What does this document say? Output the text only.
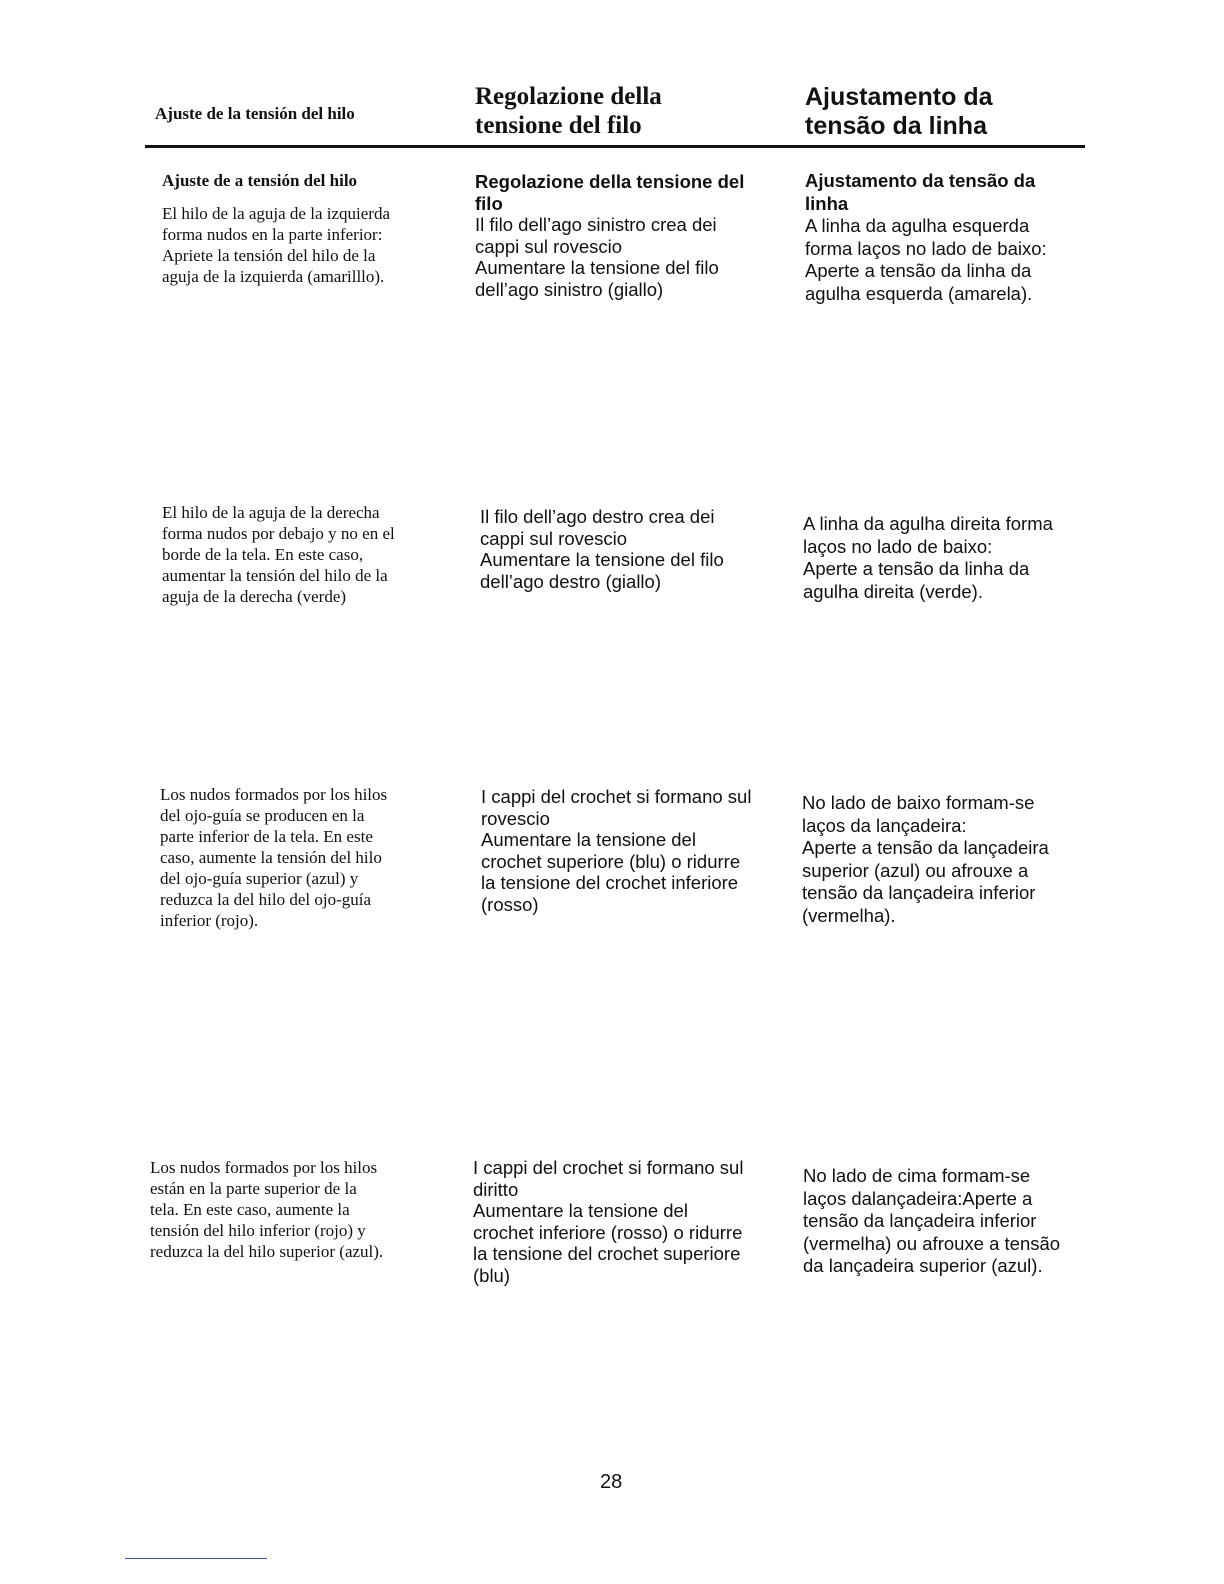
Ajuste de la tensión del hilo
Regolazione della
tensione del filo
Ajustamento da
tensão da linha
Ajuste de a tensión del hilo
El hilo de la aguja de la izquierda
forma nudos en la parte inferior:
Apriete la tensión del hilo de la
aguja de la izquierda (amarilllo).
Regolazione della tensione del
filo
Il filo dell’ago sinistro crea dei
cappi sul rovescio
Aumentare la tensione del filo
dell’ago sinistro (giallo)
Ajustamento da tensão da
linha
A linha da agulha esquerda
forma laços no lado de baixo:
Aperte a tensão da linha da
agulha esquerda (amarela).
El hilo de la aguja de la derecha
forma nudos por debajo y no en el
borde de la tela. En este caso,
aumentar la tensión del hilo de la
aguja de la derecha (verde)
Il filo dell’ago destro crea dei
cappi sul rovescio
Aumentare la tensione del filo
dell’ago destro (giallo)
A linha da agulha direita forma
laços no lado de baixo:
Aperte a tensão da linha da
agulha direita (verde).
Los nudos formados por los hilos
del ojo-guía se producen en la
parte inferior de la tela. En este
caso, aumente la tensión del hilo
del ojo-guía superior (azul) y
reduzca la del hilo del ojo-guía
inferior (rojo).
I cappi del crochet si formano sul
rovescio
Aumentare la tensione del
crochet superiore (blu) o ridurre
la tensione del crochet inferiore
(rosso)
No lado de baixo formam-se
laços da lançadeira:
Aperte a tensão da lançadeira
superior (azul) ou afrouxe a
tensão da lançadeira inferior
(vermelha).
Los nudos formados por los hilos
están en la parte superior de la
tela. En este caso, aumente la
tensión del hilo inferior (rojo) y
reduzca la del hilo superior (azul).
I cappi del crochet si formano sul
diritto
Aumentare la tensione del
crochet inferiore (rosso) o ridurre
la tensione del crochet superiore
(blu)
No lado de cima formam-se
laços dalançadeira:Aperte a
tensão da lançadeira inferior
(vermelha) ou afrouxe a tensão
da lançadeira superior (azul).
28
